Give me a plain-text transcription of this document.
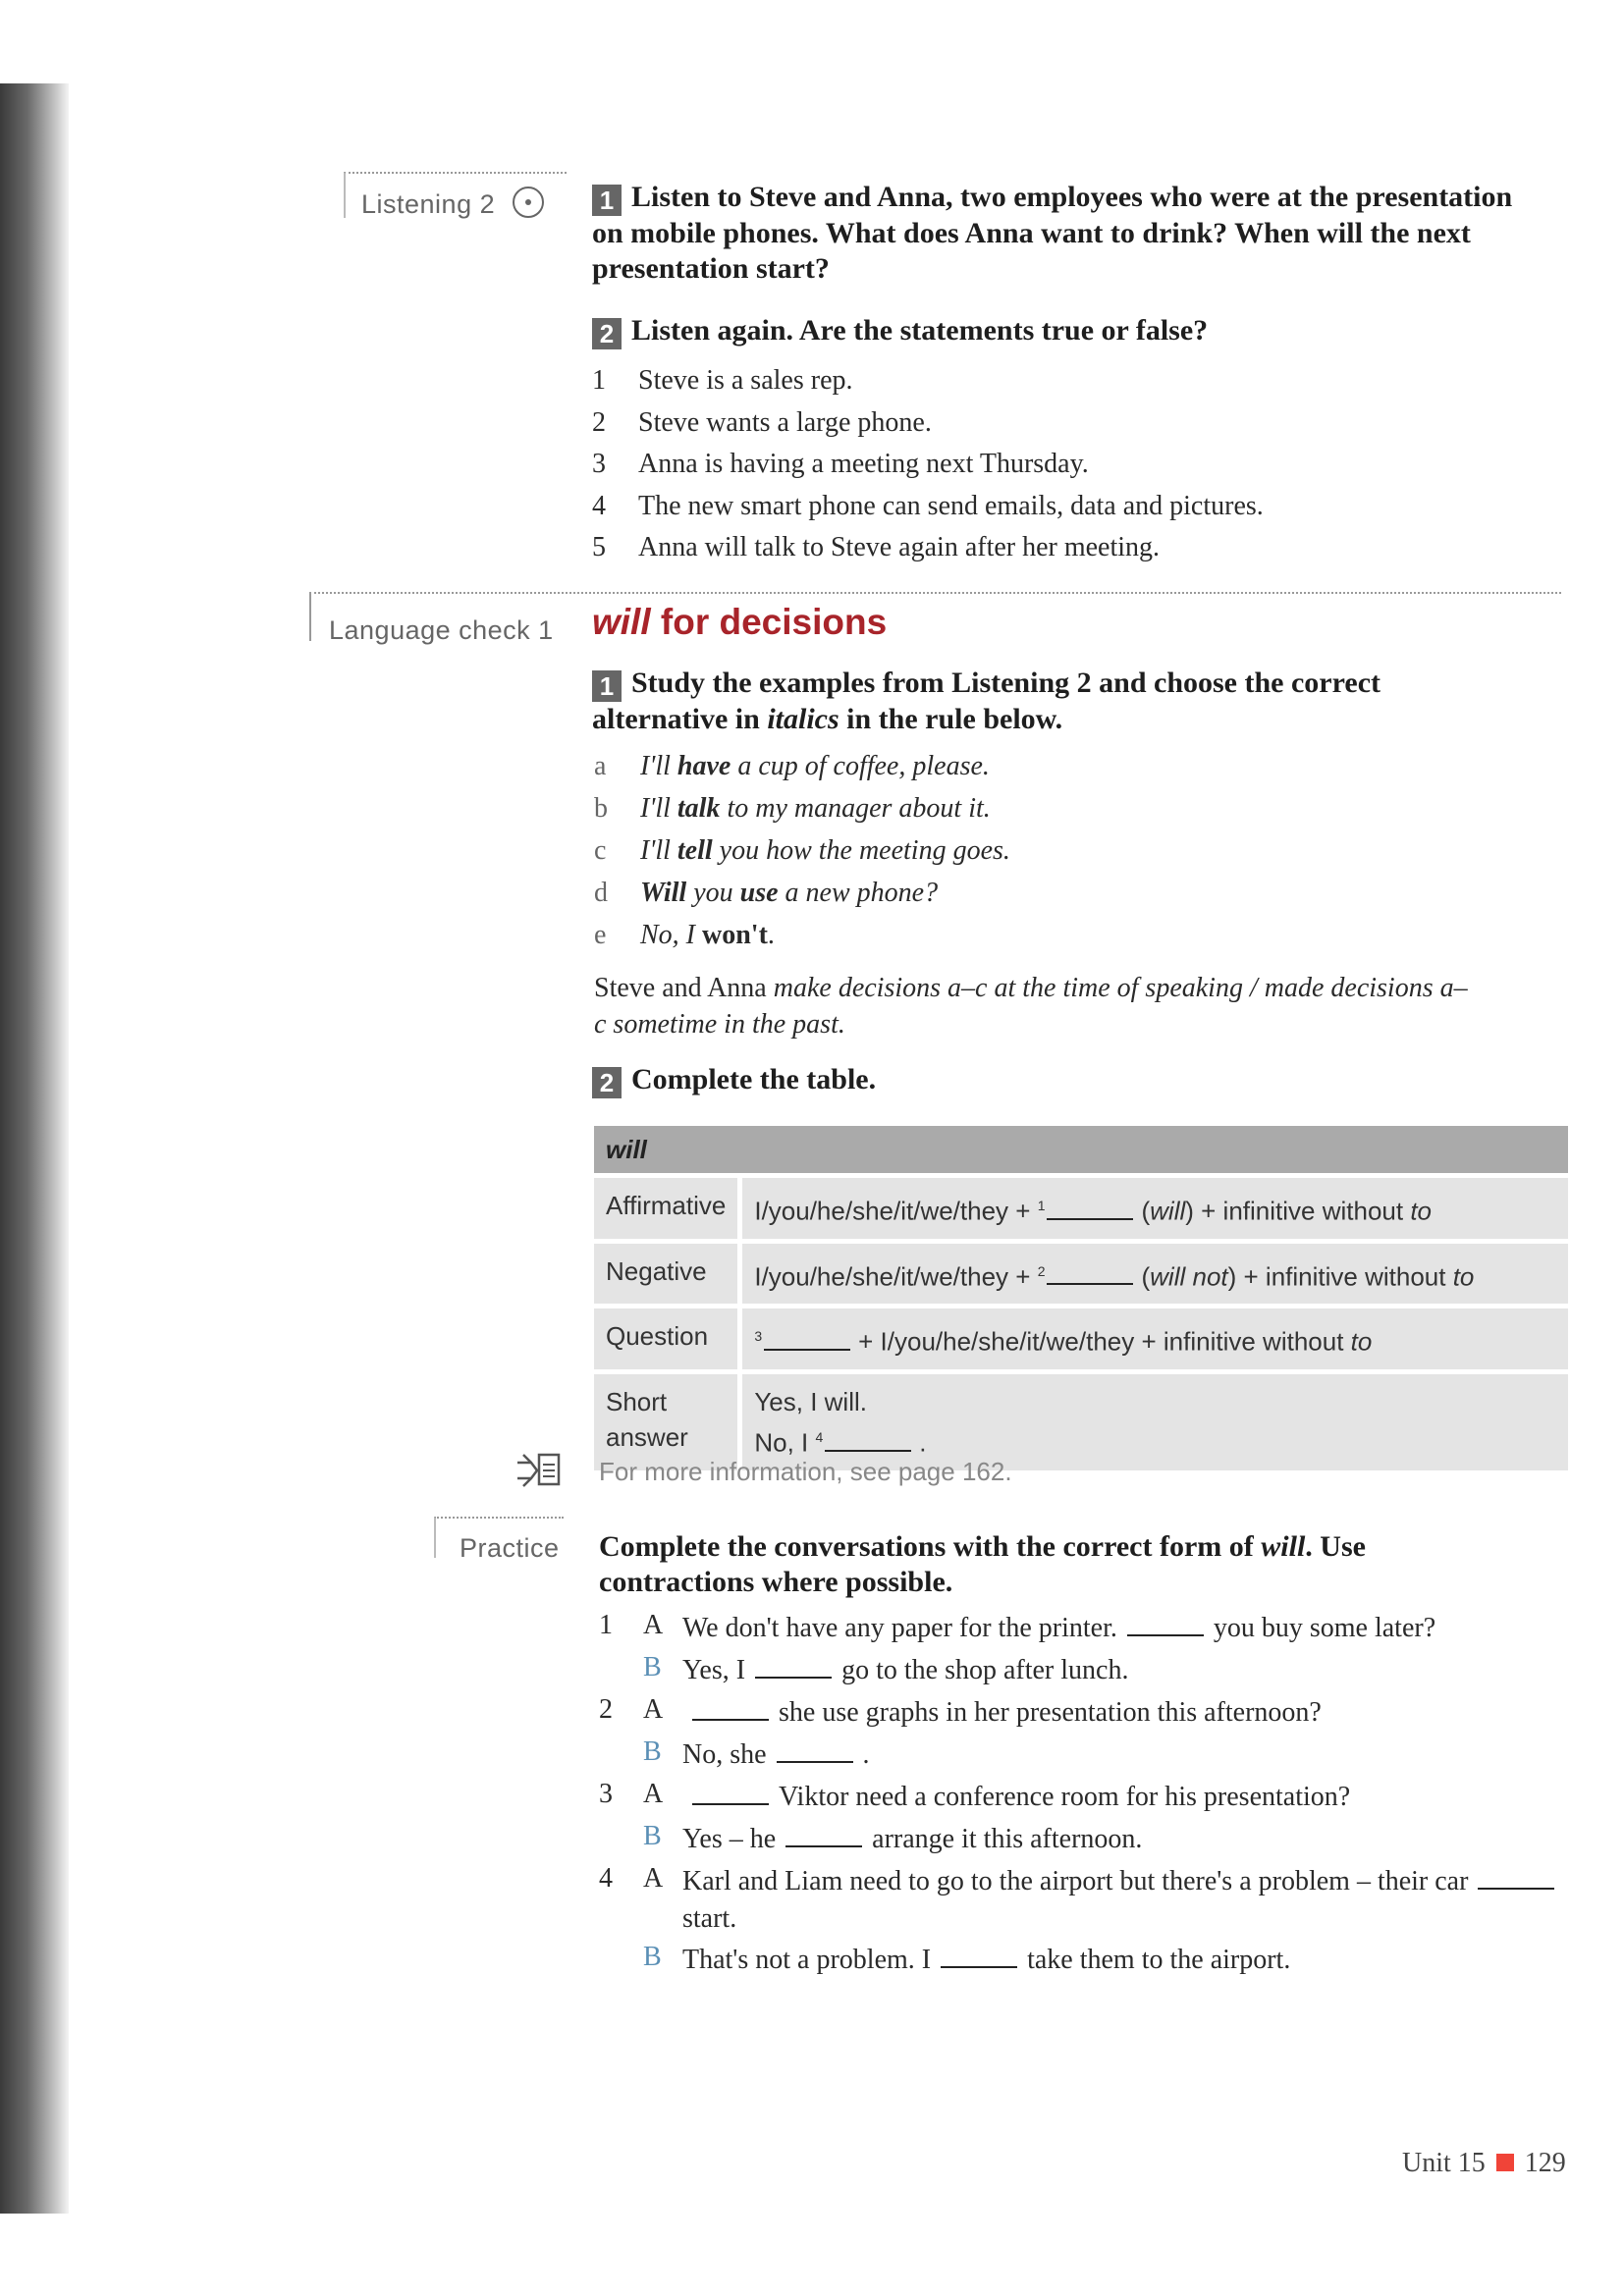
Listening 2	1 Listen to Steve and Anna, two employees who were at the presentation on mobile phones. What does Anna want to drink? When will the next presentation start?
2 Listen again. Are the statements true or false?
1	Steve is a sales rep.
2	Steve wants a large phone.
3	Anna is having a meeting next Thursday.
4	The new smart phone can send emails, data and pictures.
5	Anna will talk to Steve again after her meeting.
Language check 1 will for decisions
1 Study the examples from Listening 2 and choose the correct alternative in italics in the rule below.
a	I'll have a cup of coffee, please.
b	I'll talk to my manager about it.
c	I'll tell you how the meeting goes.
d	Will you use a new phone?
e	No, I won't.
Steve and Anna make decisions a–c at the time of speaking / made decisions a–c sometime in the past.
2 Complete the table.
will	
Affirmative	I/you/he/she/it/we/they + $^1$ (will) + infinitive without to
Negative	I/you/he/she/it/we/they + $^2$ (will not) + infinitive without to
Question	$^3$ + I/you/he/she/it/we/they + infinitive without to
Short answer	Yes, I will.
No, I $^4$ .
For more information, see page 162.
Practice Complete the conversations with the correct form of will. Use contractions where possible.
1 A We don't have any paper for the printer.	you buy some later?
B Yes, I	go to the shop after lunch.
2 A	she use graphs in her presentation this afternoon?
B No, she	.
3 A	Viktor need a conference room for his presentation?
B Yes – he	arrange it this afternoon.
4 A Karl and Liam need to go to the airport but there's a problem – their carstart.
B That's not a problem. I	take them to the airport.
Unit 15 129
